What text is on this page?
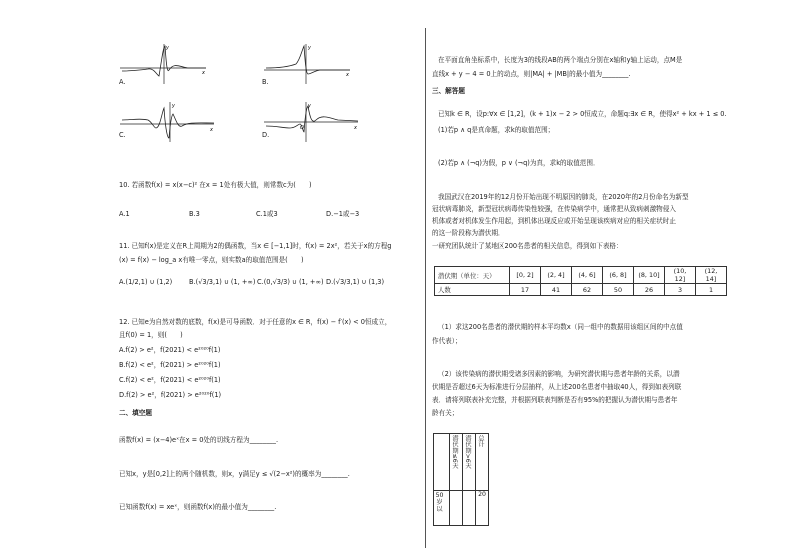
y
x
A.
y
x
B.
y
x
C.
y
x
O
D.
10. 若函数f(x) = x(x−c)² 在x = 1处有极大值，则常数c为(　　)
A.1	B.3	C.1或3	D.−1或−3
11. 已知f(x)是定义在R上周期为2的偶函数，当x ∈ [−1,1]时，f(x) = 2x²，若关于x的方程g
(x) = f(x) − log_a x有唯一零点，则实数a的取值范围是(　　)
A.(1/2,1) ∪ (1,2)	B.(√3/3,1) ∪ (1, +∞) C.(0,√3/3) ∪ (1, +∞) D.(√3/3,1) ∪ (1,3)
12. 已知e为自然对数的底数，f(x)是可导函数．对于任意的x ∈ R，f(x) − f′(x) < 0恒成立，
且f(0) = 1，则(　　)
A.f(2) > e²，f(2021) < e²⁰²⁰f(1)
B.f(2) < e²，f(2021) > e²⁰²⁰f(1)
C.f(2) < e²，f(2021) < e²⁰²⁰f(1)
D.f(2) > e²，f(2021) > e²⁰²⁰f(1)
二、填空题
函数f(x) = (x−4)eˣ在x = 0处的切线方程为________.
已知x，y是[0,2]上的两个随机数，则x，y满足y ≤ √(2−x²)的概率为________.
已知函数f(x) = xeˣ，则函数f(x)的最小值为________.
在平面直角坐标系中，长度为3的线段AB的两个端点分别在x轴和y轴上运动，点M是
直线x + y − 4 = 0上的动点，则|MA| + |MB|的最小值为________.
三、解答题
已知k ∈ R，设p:∀x ∈ [1,2]，(k + 1)x − 2 > 0恒成立，命题q:∃x ∈ R，使得x² + kx + 1 ≤ 0.
(1)若p ∧ q是真命题，求k的取值范围；
(2)若p ∧ (¬q)为假，p ∨ (¬q)为真，求k的取值范围．
我国武汉在2019年的12月份开始出现不明原因的肺炎，在2020年的2月份命名为新型
冠状病毒肺炎，新型冠状病毒传染性较强，在传染病学中，通常把从致病刺激物侵入
机体或者对机体发生作用起，到机体出现反应或开始呈现该疾病对应的相关症状时止
的这一阶段称为潜伏期．
一研究团队统计了某地区200名患者的相关信息，得到如下表格：
潜伏期（单位：天）	[0, 2]	(2, 4]	(4, 6]	(6, 8]	(8, 10]	(10, 12]	(12, 14]
人数	17	41	62	50	26	3	1
（1）求这200名患者的潜伏期的样本平均数x（同一组中的数据用该组区间的中点值
作代表）；
（2）该传染病的潜伏期受诸多因素的影响，为研究潜伏期与患者年龄的关系，以潜
伏期是否超过6天为标准进行分层抽样，从上述200名患者中抽取40人，得到如表列联
表．请将列联表补充完整，并根据列联表判断是否有95%的把握认为潜伏期与患者年
龄有关；

	潜伏期≤6天	潜伏期>6天	总计

50岁以			20
